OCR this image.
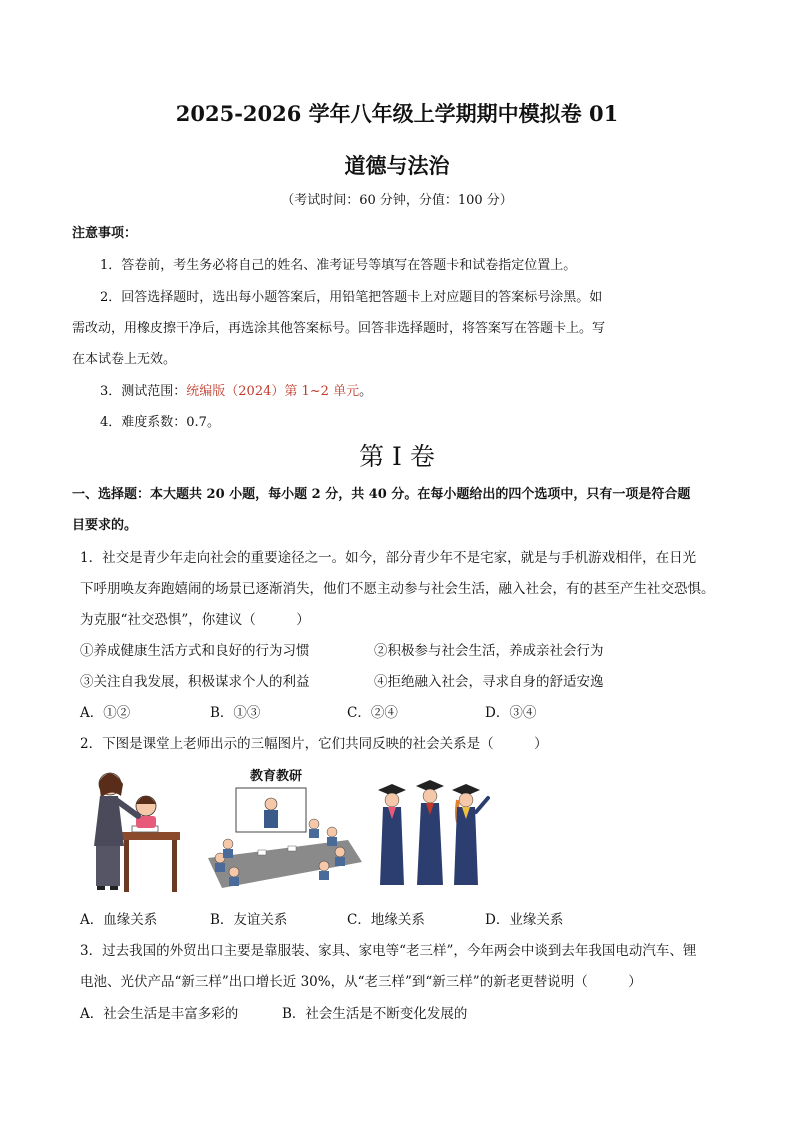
2025-2026 学年八年级上学期期中模拟卷 01
道德与法治
（考试时间：60 分钟，分值：100 分）
注意事项：
1．答卷前，考生务必将自己的姓名、准考证号等填写在答题卡和试卷指定位置上。
2．回答选择题时，选出每小题答案后，用铅笔把答题卡上对应题目的答案标号涂黑。如
需改动，用橡皮擦干净后，再选涂其他答案标号。回答非选择题时，将答案写在答题卡上。写
在本试卷上无效。
3．测试范围：统编版（2024）第 1~2 单元。
4．难度系数：0.7。
第 I 卷
一、选择题：本大题共 20 小题，每小题 2 分，共 40 分。在每小题给出的四个选项中，只有一项是符合题
目要求的。
1．社交是青少年走向社会的重要途径之一。如今，部分青少年不是宅家，就是与手机游戏相伴，在日光
下呼朋唤友奔跑嬉闹的场景已逐渐消失，他们不愿主动参与社会生活，融入社会，有的甚至产生社交恐惧。
为克服“社交恐惧”，你建议（　　　）
①养成健康生活方式和良好的行为习惯	②积极参与社会生活，养成亲社会行为
③关注自我发展，积极谋求个人的利益	④拒绝融入社会，寻求自身的舒适安逸
A．①②	B．①③	C．②④	D．③④
2．下图是课堂上老师出示的三幅图片，它们共同反映的社会关系是（　　　）
教育教研
A．血缘关系	B．友谊关系	C．地缘关系	D．业缘关系
3．过去我国的外贸出口主要是靠服装、家具、家电等“老三样”，今年两会中谈到去年我国电动汽车、锂
电池、光伏产品“新三样”出口增长近 30%，从“老三样”到“新三样”的新老更替说明（　　　）
A．社会生活是丰富多彩的	B．社会生活是不断变化发展的
